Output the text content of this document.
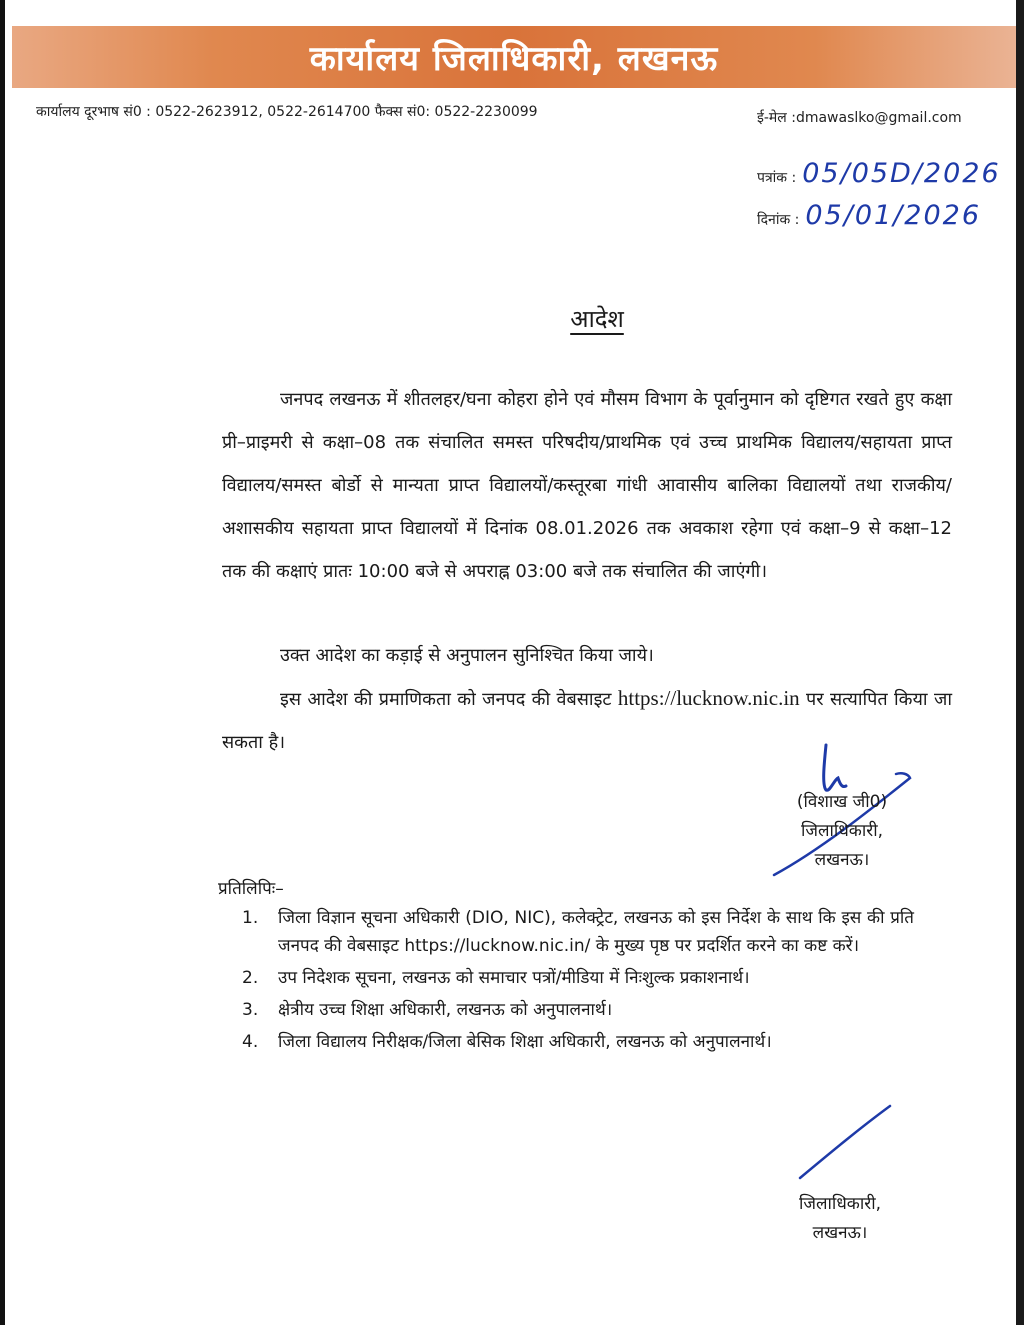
कार्यालय जिलाधिकारी, लखनऊ
कार्यालय दूरभाष सं0 : 0522-2623912, 0522-2614700 फैक्स सं0: 0522-2230099	ई-मेल :dmawaslko@gmail.com
पत्रांक : 05/05D/2026
दिनांक : 05/01/2026
आदेश

जनपद लखनऊ में शीतलहर/घना कोहरा होने एवं मौसम विभाग के पूर्वानुमान को दृष्टिगत रखते हुए कक्षा प्री–प्राइमरी से कक्षा–08 तक संचालित समस्त परिषदीय/प्राथमिक एवं उच्च प्राथमिक विद्यालय/सहायता प्राप्त विद्यालय/समस्त बोर्डो से मान्यता प्राप्त विद्यालयों/कस्तूरबा गांधी आवासीय बालिका विद्यालयों तथा राजकीय/अशासकीय सहायता प्राप्त विद्यालयों में दिनांक 08.01.2026 तक अवकाश रहेगा एवं कक्षा–9 से कक्षा–12 तक की कक्षाएं प्रातः 10:00 बजे से अपराह्न 03:00 बजे तक संचालित की जाएंगी।

उक्त आदेश का कड़ाई से अनुपालन सुनिश्चित किया जाये।

इस आदेश की प्रमाणिकता को जनपद की वेबसाइट https://lucknow.nic.in पर सत्यापित किया जा सकता है।

(विशाख जी0)
जिलाधिकारी,
लखनऊ।
प्रतिलिपिः–
1.	जिला विज्ञान सूचना अधिकारी (DIO, NIC), कलेक्ट्रेट, लखनऊ को इस निर्देश के साथ कि इस की प्रति जनपद की वेबसाइट https://lucknow.nic.in/ के मुख्य पृष्ठ पर प्रदर्शित करने का कष्ट करें।
2.	उप निदेशक सूचना, लखनऊ को समाचार पत्रों/मीडिया में निःशुल्क प्रकाशनार्थ।
3.	क्षेत्रीय उच्च शिक्षा अधिकारी, लखनऊ को अनुपालनार्थ।
4.	जिला विद्यालय निरीक्षक/जिला बेसिक शिक्षा अधिकारी, लखनऊ को अनुपालनार्थ।
जिलाधिकारी,
लखनऊ।
